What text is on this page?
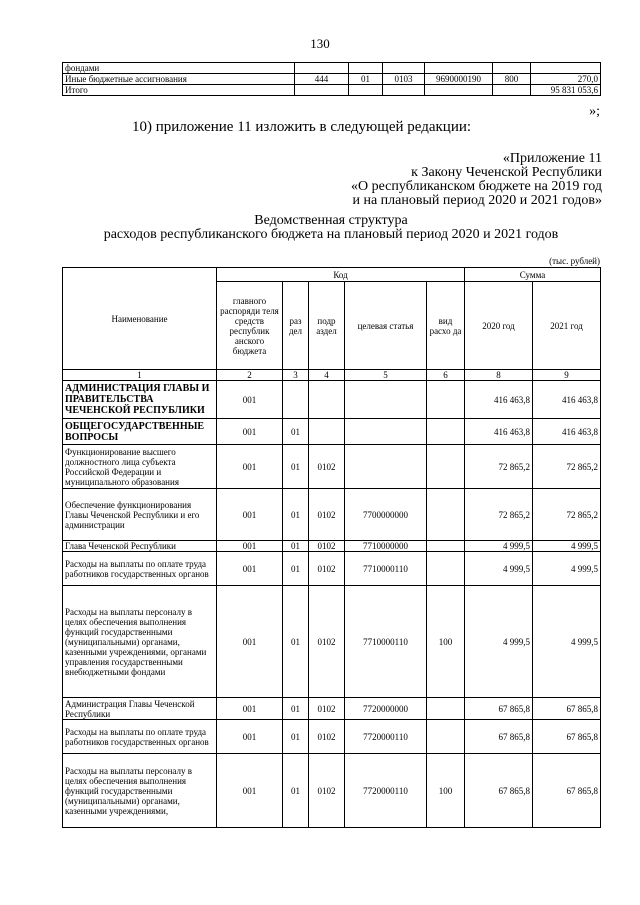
130
фондами						
Иные бюджетные ассигнования	444	01	0103	9690000190	800	270,0
Итого						95 831 053,6
»;
10) приложение 11 изложить в следующей редакции:
«Приложение 11
к Закону Чеченской Республики
«О республиканском бюджете на 2019 год
и на плановый период 2020 и 2021 годов»
Ведомственная структура
расходов республиканского бюджета на плановый период 2020 и 2021 годов
(тыс. рублей)
Наименование	Код					Сумма	
	главного распоряди теля средств республик анского бюджета	раз дел	подр аздел	целевая статья	вид расхо да	2020 год	2021 год
1	2	3	4	5	6	8	9
АДМИНИСТРАЦИЯ ГЛАВЫ И ПРАВИТЕЛЬСТВА ЧЕЧЕНСКОЙ РЕСПУБЛИКИ	001					416 463,8	416 463,8
ОБЩЕГОСУДАРСТВЕННЫЕ ВОПРОСЫ	001	01				416 463,8	416 463,8
Функционирование высшего должностного лица субъекта Российской Федерации и муниципального образования	001	01	0102			72 865,2	72 865,2
Обеспечение функционирования Главы Чеченской Республики и его администрации	001	01	0102	7700000000		72 865,2	72 865,2
Глава Чеченской Республики	001	01	0102	7710000000		4 999,5	4 999,5
Расходы на выплаты по оплате труда работников государственных органов	001	01	0102	7710000110		4 999,5	4 999,5
Расходы на выплаты персоналу в целях обеспечения выполнения функций государственными (муниципальными) органами, казенными учреждениями, органами управления государственными внебюджетными фондами	001	01	0102	7710000110	100	4 999,5	4 999,5
Администрация Главы Чеченской Республики	001	01	0102	7720000000		67 865,8	67 865,8
Расходы на выплаты по оплате труда работников государственных органов	001	01	0102	7720000110		67 865,8	67 865,8
Расходы на выплаты персоналу в целях обеспечения выполнения функций государственными (муниципальными) органами, казенными учреждениями,	001	01	0102	7720000110	100	67 865,8	67 865,8
